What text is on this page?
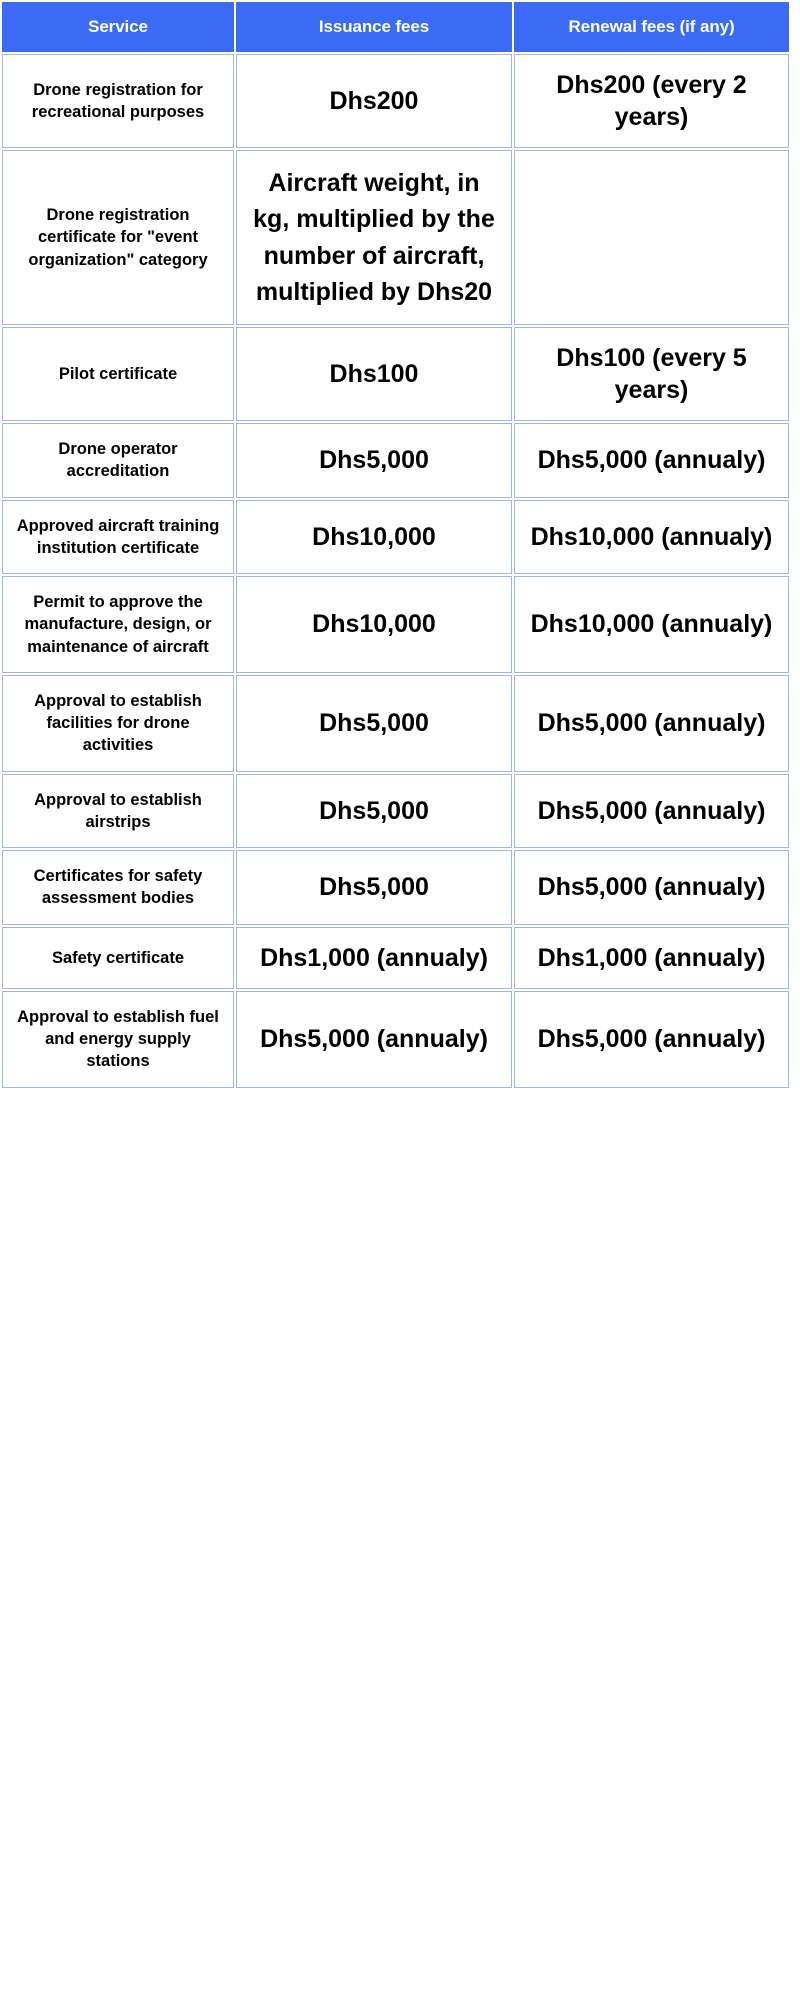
Service	Issuance fees	Renewal fees (if any)
Drone registration for recreational purposes	Dhs200	Dhs200 (every 2 years)
Drone registration certificate for "event organization" category	Aircraft weight, in kg, multiplied by the number of aircraft, multiplied by Dhs20	
Pilot certificate	Dhs100	Dhs100 (every 5 years)
Drone operator accreditation	Dhs5,000	Dhs5,000 (annualy)
Approved aircraft training institution certificate	Dhs10,000	Dhs10,000 (annualy)
Permit to approve the manufacture, design, or maintenance of aircraft	Dhs10,000	Dhs10,000 (annualy)
Approval to establish facilities for drone activities	Dhs5,000	Dhs5,000 (annualy)
Approval to establish airstrips	Dhs5,000	Dhs5,000 (annualy)
Certificates for safety assessment bodies	Dhs5,000	Dhs5,000 (annualy)
Safety certificate	Dhs1,000 (annualy)	Dhs1,000 (annualy)
Approval to establish fuel and energy supply stations	Dhs5,000 (annualy)	Dhs5,000 (annualy)
